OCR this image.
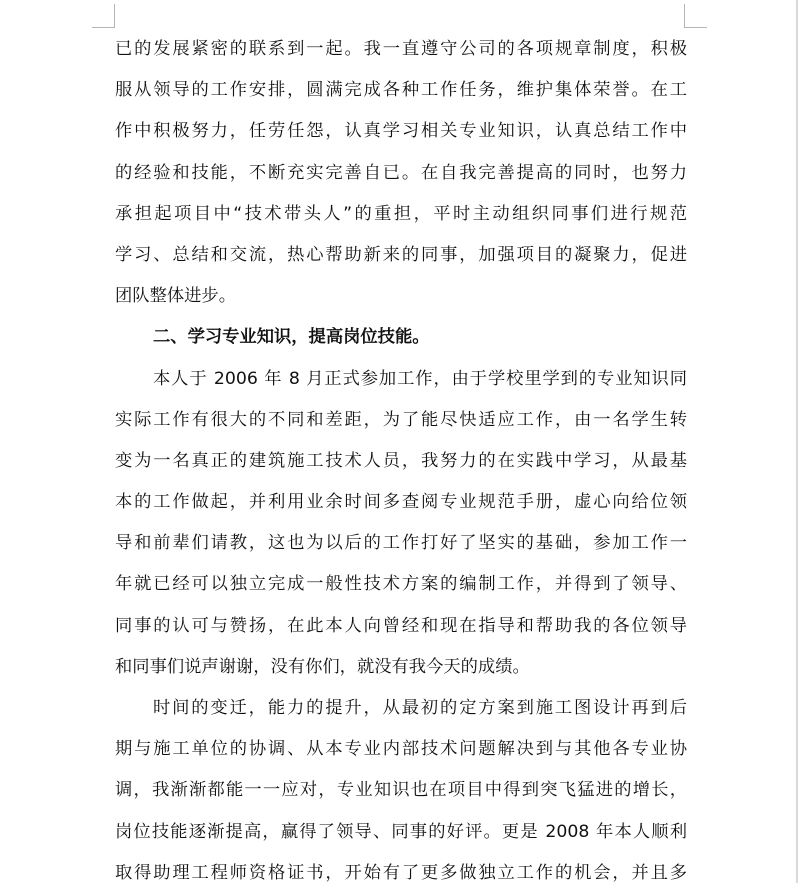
已的发展紧密的联系到一起。我一直遵守公司的各项规章制度，积极
服从领导的工作安排，圆满完成各种工作任务，维护集体荣誉。在工
作中积极努力，任劳任怨，认真学习相关专业知识，认真总结工作中
的经验和技能，不断充实完善自已。在自我完善提高的同时，也努力
承担起项目中“技术带头人”的重担，平时主动组织同事们进行规范
学习、总结和交流，热心帮助新来的同事，加强项目的凝聚力，促进
团队整体进步。
二、学习专业知识，提高岗位技能。
本人于 2006 年 8 月正式参加工作，由于学校里学到的专业知识同
实际工作有很大的不同和差距，为了能尽快适应工作，由一名学生转
变为一名真正的建筑施工技术人员，我努力的在实践中学习，从最基
本的工作做起，并利用业余时间多查阅专业规范手册，虚心向给位领
导和前辈们请教，这也为以后的工作打好了坚实的基础，参加工作一
年就已经可以独立完成一般性技术方案的编制工作，并得到了领导、
同事的认可与赞扬，在此本人向曾经和现在指导和帮助我的各位领导
和同事们说声谢谢，没有你们，就没有我今天的成绩。
时间的变迁，能力的提升，从最初的定方案到施工图设计再到后
期与施工单位的协调、从本专业内部技术问题解决到与其他各专业协
调，我渐渐都能一一应对，专业知识也在项目中得到突飞猛进的增长，
岗位技能逐渐提高，赢得了领导、同事的好评。更是 2008 年本人顺利
取得助理工程师资格证书，开始有了更多做独立工作的机会，并且多
